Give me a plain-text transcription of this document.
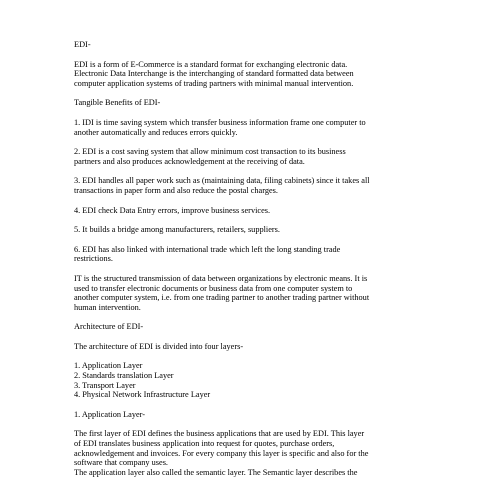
EDI-
EDI is a form of E-Commerce is a standard format for exchanging electronic data.
Electronic Data Interchange is the interchanging of standard formatted data between
computer application systems of trading partners with minimal manual intervention.
Tangible Benefits of EDI-
1. IDI is time saving system which transfer business information frame one computer to
another automatically and reduces errors quickly.
2. EDI is a cost saving system that allow minimum cost transaction to its business
partners and also produces acknowledgement at the receiving of data.
3. EDI handles all paper work such as (maintaining data, filing cabinets) since it takes all
transactions in paper form and also reduce the postal charges.
4. EDI check Data Entry errors, improve business services.
5. It builds a bridge among manufacturers, retailers, suppliers.
6. EDI has also linked with international trade which left the long standing trade
restrictions.
IT is the structured transmission of data between organizations by electronic means. It is
used to transfer electronic documents or business data from one computer system to
another computer system, i.e. from one trading partner to another trading partner without
human intervention.
Architecture of EDI-
The architecture of EDI is divided into four layers-
1. Application Layer
2. Standards translation Layer
3. Transport Layer
4. Physical Network Infrastructure Layer
1. Application Layer-
The first layer of EDI defines the business applications that are used by EDI. This layer
of EDI translates business application into request for quotes, purchase orders,
acknowledgement and invoices. For every company this layer is specific and also for the
software that company uses.
The application layer also called the semantic layer. The Semantic layer describes the
